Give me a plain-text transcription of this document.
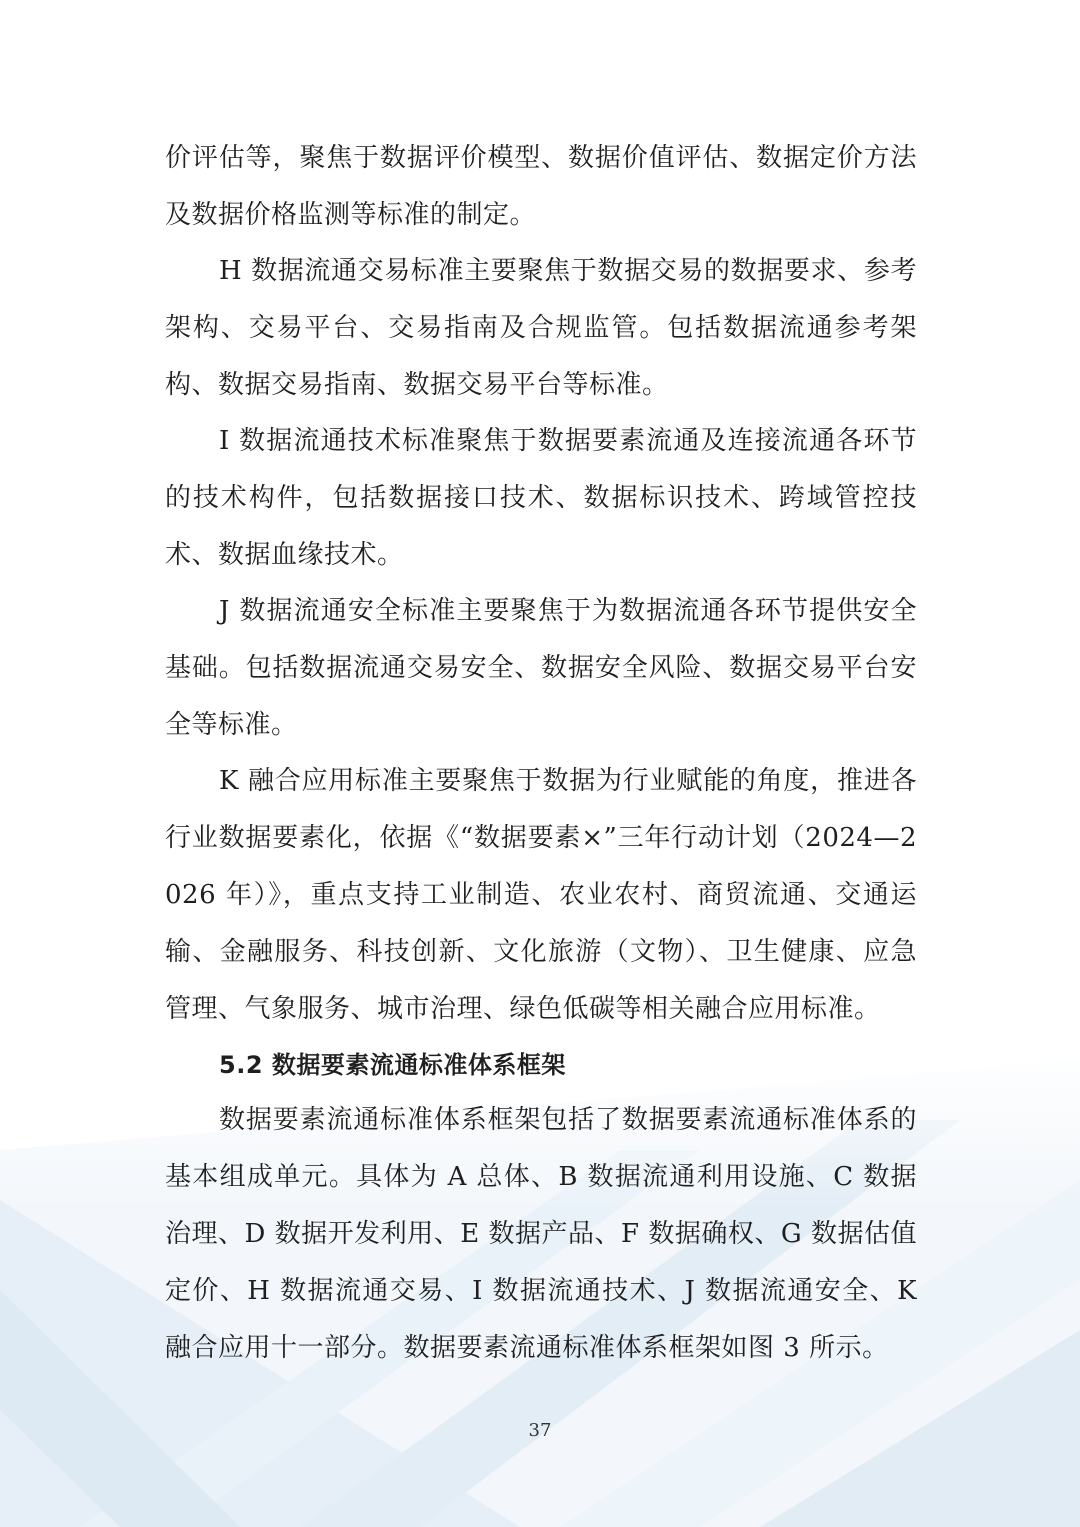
价评估等，聚焦于数据评价模型、数据价值评估、数据定价方法及数据价格监测等标准的制定。

H 数据流通交易标准主要聚焦于数据交易的数据要求、参考架构、交易平台、交易指南及合规监管。包括数据流通参考架构、数据交易指南、数据交易平台等标准。

I 数据流通技术标准聚焦于数据要素流通及连接流通各环节的技术构件，包括数据接口技术、数据标识技术、跨域管控技术、数据血缘技术。

J 数据流通安全标准主要聚焦于为数据流通各环节提供安全基础。包括数据流通交易安全、数据安全风险、数据交易平台安全等标准。

K 融合应用标准主要聚焦于数据为行业赋能的角度，推进各行业数据要素化，依据《“数据要素×”三年行动计划（2024—2026 年）》，重点支持工业制造、农业农村、商贸流通、交通运输、金融服务、科技创新、文化旅游（文物）、卫生健康、应急管理、气象服务、城市治理、绿色低碳等相关融合应用标准。

5.2 数据要素流通标准体系框架

数据要素流通标准体系框架包括了数据要素流通标准体系的基本组成单元。具体为 A 总体、B 数据流通利用设施、C 数据治理、D 数据开发利用、E 数据产品、F 数据确权、G 数据估值定价、H 数据流通交易、I 数据流通技术、J 数据流通安全、K 融合应用十一部分。数据要素流通标准体系框架如图 3 所示。

37
